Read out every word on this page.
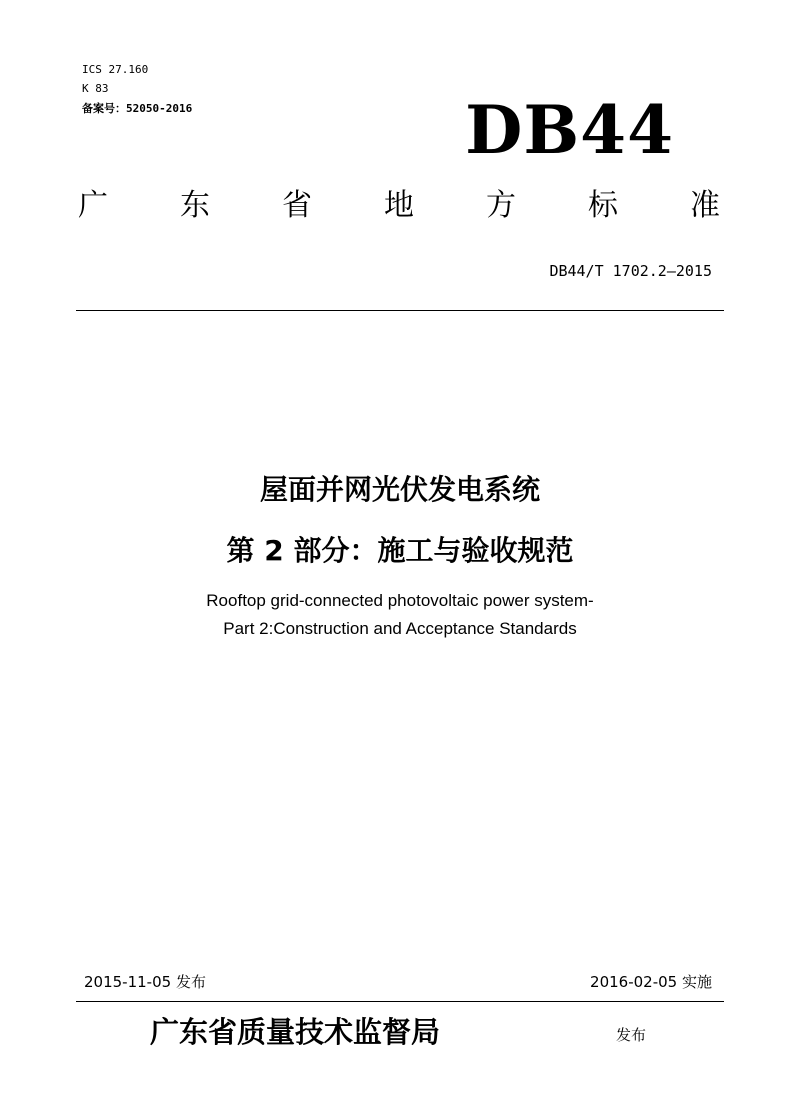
ICS 27.160
K 83
备案号：52050-2016	DB44
广 东 省 地 方 标 准
DB44/T 1702.2—2015
屋面并网光伏发电系统
第 2 部分：施工与验收规范
Rooftop grid-connected photovoltaic power system-
Part 2:Construction and Acceptance Standards
2015-11-05 发布	2016-02-05 实施
广东省质量技术监督局	发布
